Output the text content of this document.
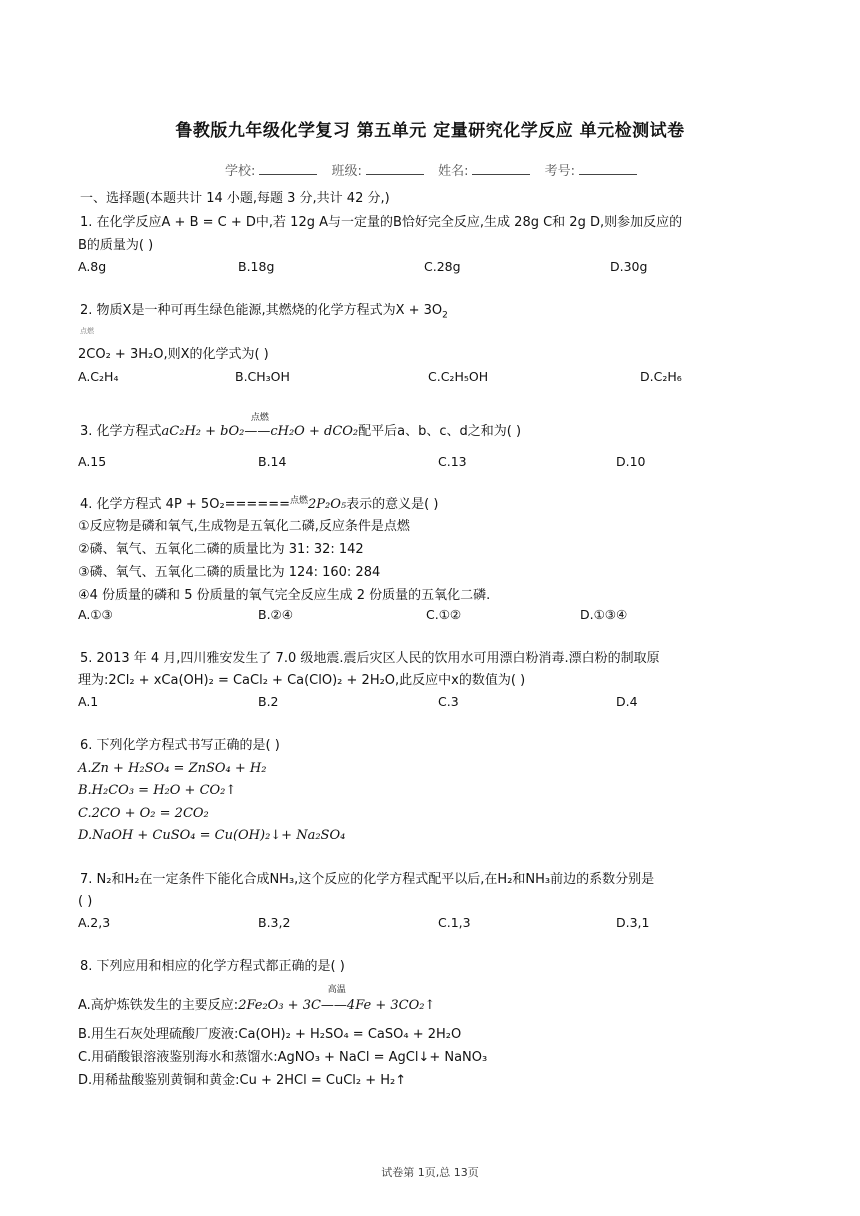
鲁教版九年级化学复习 第五单元 定量研究化学反应 单元检测试卷
学校:	班级:	姓名:	考号:
一、选择题(本题共计 14 小题,每题 3 分,共计 42 分,)
1. 在化学反应A + B = C + D中,若 12g A与一定量的B恰好完全反应,生成 28g C和 2g D,则参加反应的
B的质量为( )
A.8g	B.18g	C.28g	D.30g
2. 物质X是一种可再生绿色能源,其燃烧的化学方程式为$X + 3O_2$
点燃
2CO₂ + 3H₂O,则X的化学式为( )
A.C₂H₄	B.CH₃OH	C.C₂H₅OH	D.C₂H₆
3. 化学方程式
点燃
aC₂H₂ + bO₂——cH₂O + dCO₂配平后a、b、c、d之和为( )
A.15	B.14	C.13	D.10
4. 化学方程式 4P + 5O₂======$^{点燃}$2P₂O₅表示的意义是( )
①反应物是磷和氧气,生成物是五氧化二磷,反应条件是点燃
②磷、氧气、五氧化二磷的质量比为 31: 32: 142
③磷、氧气、五氧化二磷的质量比为 124: 160: 284
④4 份质量的磷和 5 份质量的氧气完全反应生成 2 份质量的五氧化二磷.
A.①③	B.②④	C.①②	D.①③④
5. 2013 年 4 月,四川雅安发生了 7.0 级地震.震后灾区人民的饮用水可用漂白粉消毒.漂白粉的制取原
理为:2Cl₂ + xCa(OH)₂ = CaCl₂ + Ca(ClO)₂ + 2H₂O,此反应中x的数值为( )
A.1	B.2	C.3	D.4
6. 下列化学方程式书写正确的是( )
A.Zn + H₂SO₄ = ZnSO₄ + H₂
B.H₂CO₃ = H₂O + CO₂↑
C.2CO + O₂ = 2CO₂
D.NaOH + CuSO₄ = Cu(OH)₂↓+ Na₂SO₄
7. N₂和H₂在一定条件下能化合成NH₃,这个反应的化学方程式配平以后,在H₂和NH₃前边的系数分别是
( )
A.2,3	B.3,2	C.1,3	D.3,1
8. 下列应用和相应的化学方程式都正确的是( )
A.高炉炼铁发生的主要反应:
高温
2Fe₂O₃ + 3C——4Fe + 3CO₂↑
B.用生石灰处理硫酸厂废液:Ca(OH)₂ + H₂SO₄ = CaSO₄ + 2H₂O
C.用硝酸银溶液鉴别海水和蒸馏水:AgNO₃ + NaCl = AgCl↓+ NaNO₃
D.用稀盐酸鉴别黄铜和黄金:Cu + 2HCl = CuCl₂ + H₂↑
试卷第 1页,总 13页
